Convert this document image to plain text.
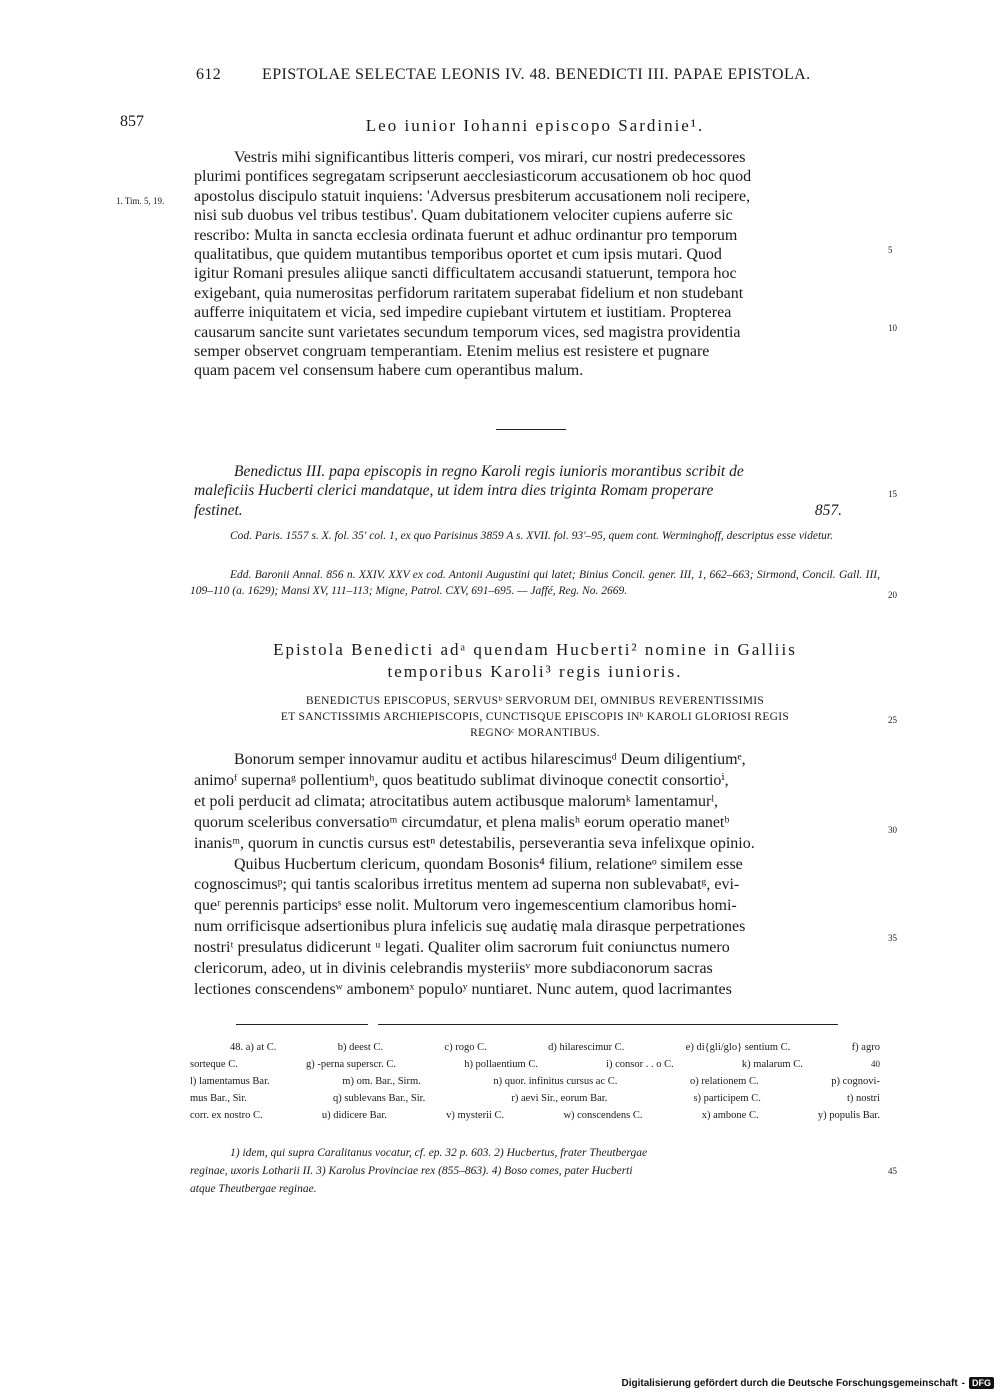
612	EPISTOLAE SELECTAE LEONIS IV. 48. BENEDICTI III. PAPAE EPISTOLA.
857	Leo iunior Iohanni episcopo Sardinie¹.
1. Tim. 5, 19.

Vestris mihi significantibus litteris comperi, vos mirari, cur nostri predecessores

plurimi pontifices segregatam scripserunt aecclesiasticorum accusationem ob hoc quod

apostolus discipulo statuit inquiens: 'Adversus presbiterum accusationem noli recipere,

nisi sub duobus vel tribus testibus'. Quam dubitationem velociter cupiens auferre sic

rescribo: Multa in sancta ecclesia ordinata fuerunt et adhuc ordinantur pro temporum

qualitatibus, que quidem mutantibus temporibus oportet et cum ipsis mutari. Quod

igitur Romani presules aliique sancti difficultatem accusandi statuerunt, tempora hoc

exigebant, quia numerositas perfidorum raritatem superabat fidelium et non studebant

aufferre iniquitatem et vicia, sed impedire cupiebant virtutem et iustitiam. Propterea

causarum sancite sunt varietates secundum temporum vices, sed magistra providentia

semper observet congruam temperantiam. Etenim melius est resistere et pugnare

quam pacem vel consensum habere cum operantibus malum.

5
10

Benedictus III. papa episcopis in regno Karoli regis iunioris morantibus scribit de

maleficiis Hucberti clerici mandatque, ut idem intra dies triginta Romam properare

festinet.	857.

15
Cod. Paris. 1557 s. X. fol. 35' col. 1, ex quo Parisinus 3859 A s. XVII. fol. 93'–95, quem cont. Werminghoff, descriptus esse videtur.
Edd. Baronii Annal. 856 n. XXIV. XXV ex cod. Antonii Augustini qui latet; Binius Concil. gener. III, 1, 662–663; Sirmond, Concil. Gall. III, 109–110 (a. 1629); Mansi XV, 111–113; Migne, Patrol. CXV, 691–695. — Jaffé, Reg. No. 2669.	20
Epistola Benedicti adᵃ quendam Hucberti² nomine in Galliis
temporibus Karoli³ regis iunioris.
BENEDICTUS EPISCOPUS, SERVUSᵇ SERVORUM DEI, OMNIBUS REVERENTISSIMIS
ET SANCTISSIMIS ARCHIEPISCOPIS, CUNCTISQUE EPISCOPIS INᵇ KAROLI GLORIOSI REGIS
REGNOᶜ MORANTIBUS.
25

Bonorum semper innovamur auditu et actibus hilarescimusᵈ Deum diligentiumᵉ,

animoᶠ supernaᵍ pollentiumʰ, quos beatitudo sublimat divinoque conectit consortioⁱ,

et poli perducit ad climata; atrocitatibus autem actibusque malorumᵏ lamentamurˡ,

quorum sceleribus conversatioᵐ circumdatur, et plena malisʰ eorum operatio manetᵇ

inanisᵐ, quorum in cunctis cursus estⁿ detestabilis, perseverantia seva infelixque opinio.

Quibus Hucbertum clericum, quondam Bosonis⁴ filium, relationeᵒ similem esse

cognoscimusᵖ; qui tantis scaloribus irretitus mentem ad superna non sublevabatᵍ, evi-

queʳ perennis participsˢ esse nolit. Multorum vero ingemescentium clamoribus homi-

num orrificisque adsertionibus plura infelicis suę audatię mala dirasque perpetrationes

nostriᵗ presulatus didicerunt ᵘ legati. Qualiter olim sacrorum fuit coniunctus numero

clericorum, adeo, ut in divinis celebrandis mysteriisᵛ more subdiaconorum sacras

lectiones conscendensʷ ambonemˣ populoʸ nuntiaret. Nunc autem, quod lacrimantes

30
35
48. a) at C.	b) deest C.	c) rogo C.	d) hilarescimur C.	e) di{gli/glo} sentium C.	f) agro
sorteque C.	g) -perna superscr. C.	h) pollaentium C.	i) consor . . o C.	k) malarum C.	40
l) lamentamus Bar.	m) om. Bar., Sirm.	n) quor. infinitus cursus ac C.	o) relationem C.	p) cognovi-
mus Bar., Sir.	q) sublevans Bar., Sir.	r) aevi Sir., eorum Bar.	s) participem C.	t) nostri
corr. ex nostro C.	u) didicere Bar.	v) mysterii C.	w) conscendens C.	x) ambone C.	y) populis Bar.
1) idem, qui supra Caralitanus vocatur, cf. ep. 32 p. 603. 2) Hucbertus, frater Theutbergae
reginae, uxoris Lotharii II. 3) Karolus Provinciae rex (855–863). 4) Boso comes, pater Hucberti
atque Theutbergae reginae.
45
Digitalisierung gefördert durch die Deutsche Forschungsgemeinschaft - DFG
